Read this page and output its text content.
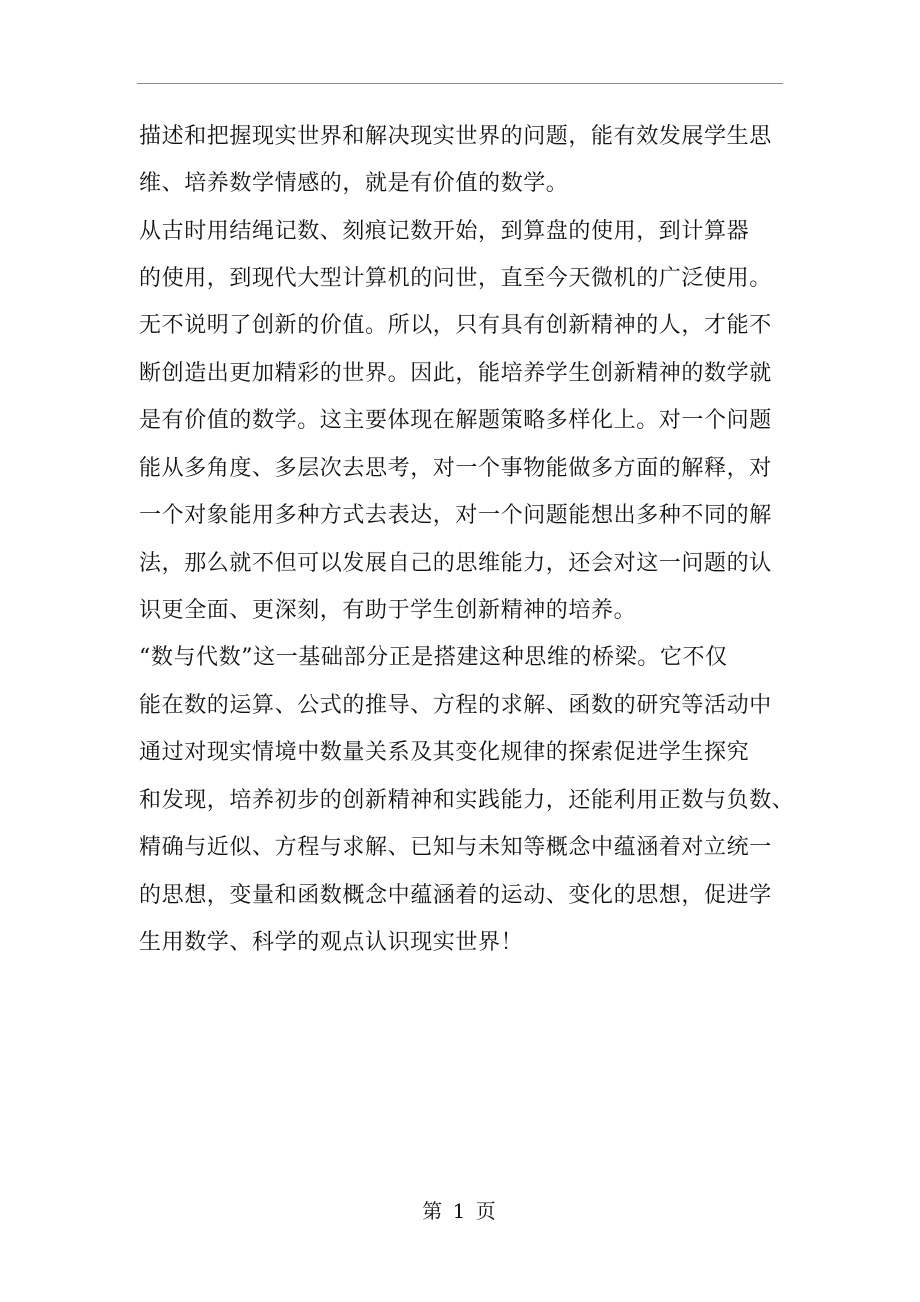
描述和把握现实世界和解决现实世界的问题，能有效发展学生思
维、培养数学情感的，就是有价值的数学。
从古时用结绳记数、刻痕记数开始，到算盘的使用，到计算器
的使用，到现代大型计算机的问世，直至今天微机的广泛使用。
无不说明了创新的价值。所以，只有具有创新精神的人，才能不
断创造出更加精彩的世界。因此，能培养学生创新精神的数学就
是有价值的数学。这主要体现在解题策略多样化上。对一个问题
能从多角度、多层次去思考，对一个事物能做多方面的解释，对
一个对象能用多种方式去表达，对一个问题能想出多种不同的解
法，那么就不但可以发展自己的思维能力，还会对这一问题的认
识更全面、更深刻，有助于学生创新精神的培养。
“数与代数”这一基础部分正是搭建这种思维的桥梁。它不仅
能在数的运算、公式的推导、方程的求解、函数的研究等活动中
通过对现实情境中数量关系及其变化规律的探索促进学生探究
和发现，培养初步的创新精神和实践能力，还能利用正数与负数、
精确与近似、方程与求解、已知与未知等概念中蕴涵着对立统一
的思想，变量和函数概念中蕴涵着的运动、变化的思想，促进学
生用数学、科学的观点认识现实世界！
第 1 页
